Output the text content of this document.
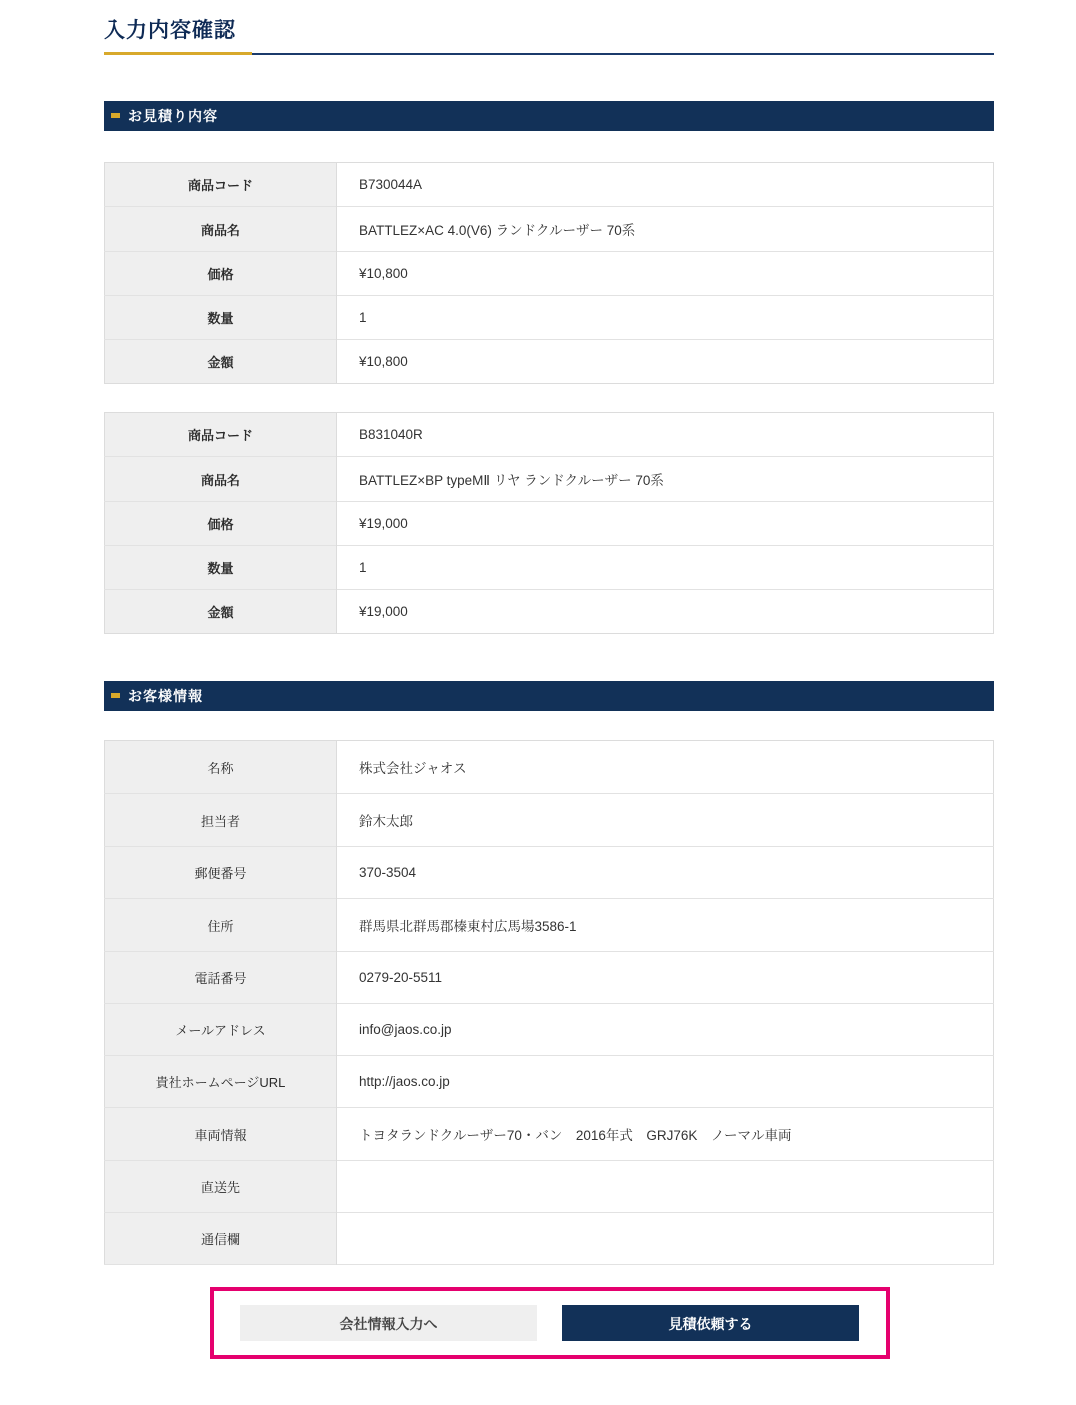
入力内容確認
お見積り内容
商品コード	B730044A
商品名	BATTLEZ×AC 4.0(V6) ランドクルーザー 70系
価格	¥10,800
数量	1
金額	¥10,800
商品コード	B831040R
商品名	BATTLEZ×BP typeMⅡ リヤ ランドクルーザー 70系
価格	¥19,000
数量	1
金額	¥19,000
お客様情報
名称	株式会社ジャオス
担当者	鈴木太郎
郵便番号	370-3504
住所	群馬県北群馬郡榛東村広馬場3586-1
電話番号	0279-20-5511
メールアドレス	info@jaos.co.jp
貴社ホームページURL	http://jaos.co.jp
車両情報	トヨタランドクルーザー70・バン　2016年式　GRJ76K　ノーマル車両
直送先	
通信欄	
会社情報入力へ	見積依頼する
